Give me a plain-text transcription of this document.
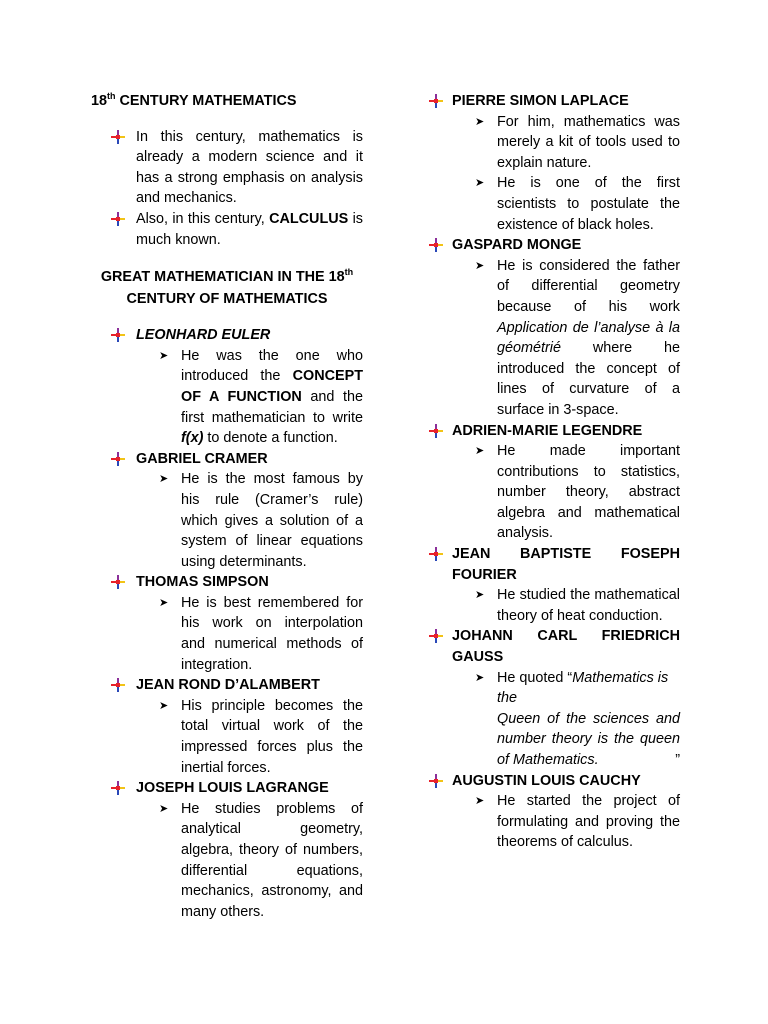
18th CENTURY MATHEMATICS
In this century, mathematics is already a modern science and it has a strong emphasis on analysis and mechanics.
Also, in this century, CALCULUS is much known.
GREAT MATHEMATICIAN IN THE 18th
CENTURY OF MATHEMATICS
LEONHARD EULER
➤ He was the one who introduced the CONCEPT OF A FUNCTION and the first mathematician to write f(x) to denote a function.
GABRIEL CRAMER
➤ He is the most famous by his rule (Cramer’s rule) which gives a solution of a system of linear equations using determinants.
THOMAS SIMPSON
➤ He is best remembered for his work on interpolation and numerical methods of integration.
JEAN ROND D’ALAMBERT
➤ His principle becomes the total virtual work of the impressed forces plus the inertial forces.
JOSEPH LOUIS LAGRANGE
➤ He studies problems of analytical geometry, algebra, theory of numbers, differential equations, mechanics, astronomy, and many others.
PIERRE SIMON LAPLACE
➤ For him, mathematics was merely a kit of tools used to explain nature.
➤ He is one of the first scientists to postulate the existence of black holes.
GASPARD MONGE
➤ He is considered the father of differential geometry because of his work Application de l’analyse à la géométrié where he introduced the concept of lines of curvature of a surface in 3-space.
ADRIEN-MARIE LEGENDRE
➤ He made important contributions to statistics, number theory, abstract algebra and mathematical analysis.
JEAN BAPTISTE FOSEPH FOURIER
➤ He studied the mathematical theory of heat conduction.
JOHANN CARL FRIEDRICH GAUSS
➤ He quoted “Mathematics is the

Queen of the sciences and number theory is the queen of Mathematics.	”
AUGUSTIN LOUIS CAUCHY
➤ He started the project of formulating and proving the theorems of calculus.
